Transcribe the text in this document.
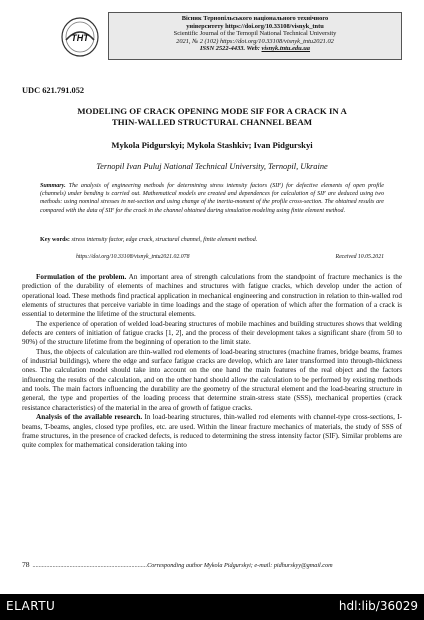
ТНТ
Вісник Тернопільського національного технічного
університету https://doi.org/10.33108/visnyk_tntu
Scientific Journal of the Ternopil National Technical University
2021, № 2 (102) https://doi.org/10.33108/visnyk_tntu2021.02
ISSN 2522-4433. Web: visnyk.tntu.edu.ua
UDC 621.791.052
MODELING OF CRACK OPENING MODE SIF FOR A CRACK IN A
THIN-WALLED STRUCTURAL CHANNEL BEAM
Mykola Pidgurskyi; Mykola Stashkiv; Ivan Pidgurskyi
Ternopil Ivan Puluj National Technical University, Ternopil, Ukraine
Summary. The analysis of engineering methods for determining stress intensity factors (SIF) for defective elements of open profile (channels) under bending is carried out. Mathematical models are created and dependences for calculation of SIF are deduced using two methods: using nominal stresses in net-section and using change of the inertia-moment of the profile cross-section. The obtained results are compared with the data of SIF for the crack in the channel obtained during simulation modeling using finite element method.
Key words: stress intensity factor, edge crack, structural channel, finite element method.
https://doi.org/10.33108/visnyk_tntu2021.02.078	Received 10.05.2021

Formulation of the problem. An important area of strength calculations from the standpoint of fracture mechanics is the prediction of the durability of elements of machines and structures with fatigue cracks, which develop under the action of operational load. These methods find practical application in mechanical engineering and construction in relation to thin-walled rod elements of structures that perceive variable in time loadings and the stage of operation of which after the formation of a crack is essential to determine the lifetime of the structural elements.

The experience of operation of welded load-bearing structures of mobile machines and building structures shows that welding defects are centers of initiation of fatigue cracks [1, 2], and the process of their development takes a significant share (from 50 to 90%) of the structure lifetime from the beginning of operation to the limit state.

Thus, the objects of calculation are thin-walled rod elements of load-bearing structures (machine frames, bridge beams, frames of industrial buildings), where the edge and surface fatigue cracks are develop, which are later transformed into through-thickness ones. The calculation model should take into account on the one hand the main features of the real object and the factors influencing the results of the calculation, and on the other hand should allow the calculation to be performed by existing methods and tools. The main factors influencing the durability are the geometry of the structural element and the load-bearing structure in general, the type and properties of the loading process that determine strain-stress state (SSS), mechanical properties (crack resistance characteristics) of the material in the area of growth of fatigue cracks.

Analysis of the available research. In load-bearing structures, thin-walled rod elements with channel-type cross-sections, I-beams, T-beams, angles, closed type profiles, etc. are used. Within the linear fracture mechanics of materials, the study of SSS of frame structures, in the presence of cracked defects, is reduced to determining the stress intensity factor (SIF). Similar problems are quite complex for mathematical consideration taking into

78 ..........................................................................Corresponding author Mykola Pidgurskyi; e-mail: pidhurskyy@gmail.com
ELARTU	hdl:lib/36029
